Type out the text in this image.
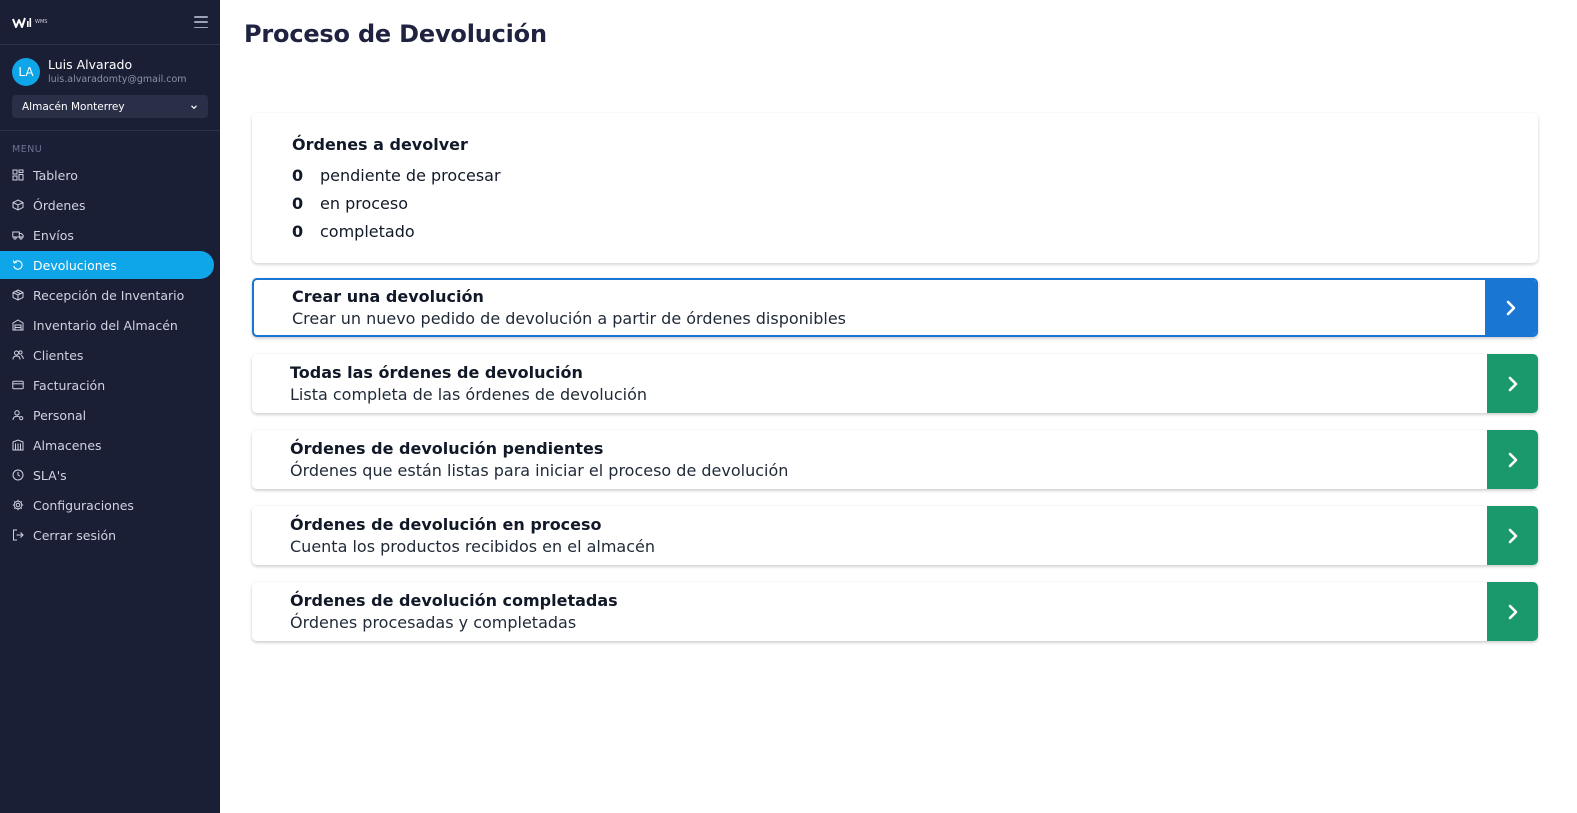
envío.com
WMS
LA	Luis Alvarado
luis.alvaradomty@gmail.com
Almacén Monterrey
MENU
Tablero
Órdenes
Envíos
Devoluciones
Recepción de Inventario
Inventario del Almacén
Clientes
Facturación
Personal
Almacenes
SLA's
Configuraciones
Cerrar sesión
Proceso de Devolución
Órdenes a devolver
0	pendiente de procesar
0	en proceso
0	completado
Crear una devolución
Crear un nuevo pedido de devolución a partir de órdenes disponibles
Todas las órdenes de devolución
Lista completa de las órdenes de devolución
Órdenes de devolución pendientes
Órdenes que están listas para iniciar el proceso de devolución
Órdenes de devolución en proceso
Cuenta los productos recibidos en el almacén
Órdenes de devolución completadas
Órdenes procesadas y completadas
